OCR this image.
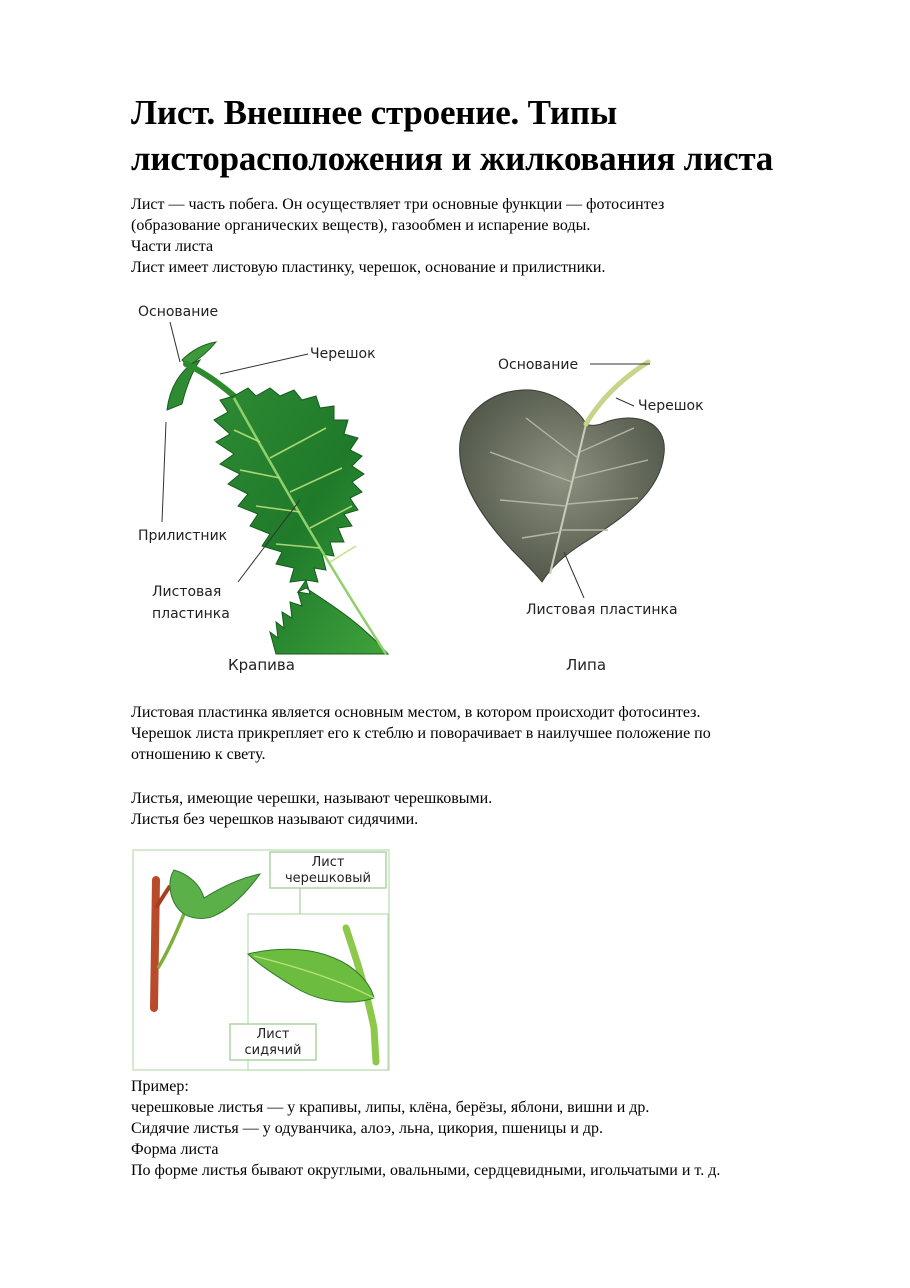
Лист. Внешнее строение. Типы листорасположения и жилкования листа

Лист — часть побега. Он осуществляет три основные функции — фотосинтез

(образование органических веществ), газообмен и испарение воды.

Части листа

Лист имеет листовую пластинку, черешок, основание и прилистники.

Листовая пластинка является основным местом, в котором происходит фотосинтез.

Черешок листа прикрепляет его к стеблю и поворачивает в наилучшее положение по

отношению к свету.

Листья, имеющие черешки, называют черешковыми.

Листья без черешков называют сидячими.

Пример:

черешковые листья — у крапивы, липы, клёна, берёзы, яблони, вишни и др.

Сидячие листья — у одуванчика, алоэ, льна, цикория, пшеницы и др.

Форма листа

По форме листья бывают округлыми, овальными, сердцевидными, игольчатыми и т. д.

Основание
Черешок
Прилистник
Листовая
пластинка
Крапива
Основание
Черешок
Листовая пластинка
Липа
Лист
черешковый
Лист
сидячий
